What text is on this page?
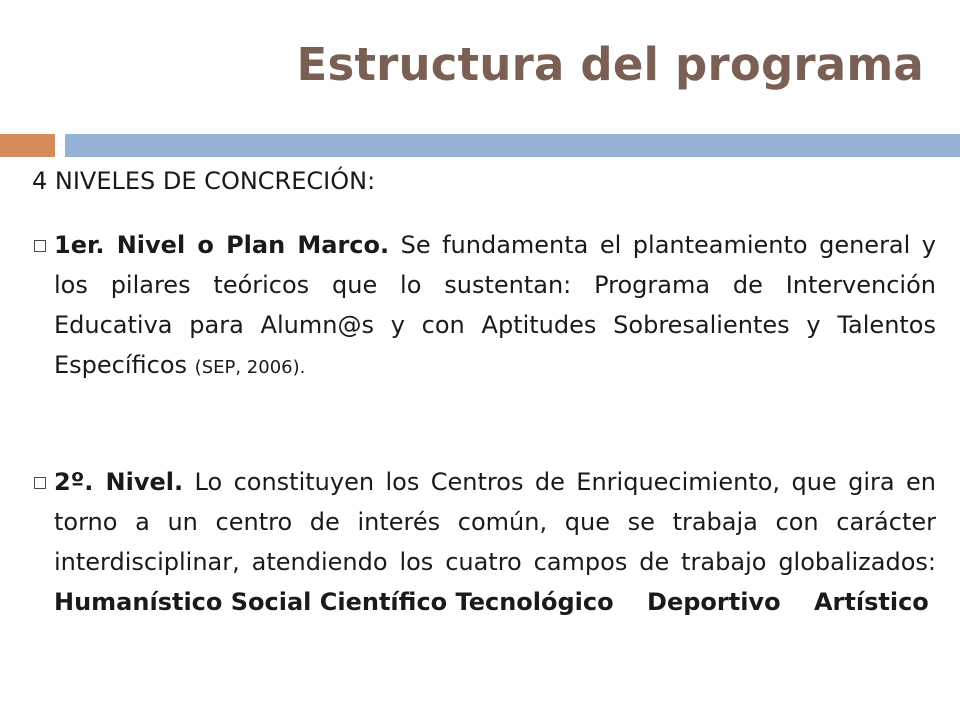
Estructura del programa
4 NIVELES DE CONCRECIÓN:
1er. Nivel o Plan Marco. Se fundamenta el planteamiento general y los pilares teóricos que lo sustentan: Programa de Intervención Educativa para Alumn@s y con Aptitudes Sobresalientes y Talentos Específicos (SEP, 2006).
2º. Nivel. Lo constituyen los Centros de Enriquecimiento, que gira en torno a un centro de interés común, que se trabaja con carácter interdisciplinar, atendiendo los cuatro campos de trabajo globalizados: Humanístico Social Científico Tecnológico    Deportivo    Artístico
